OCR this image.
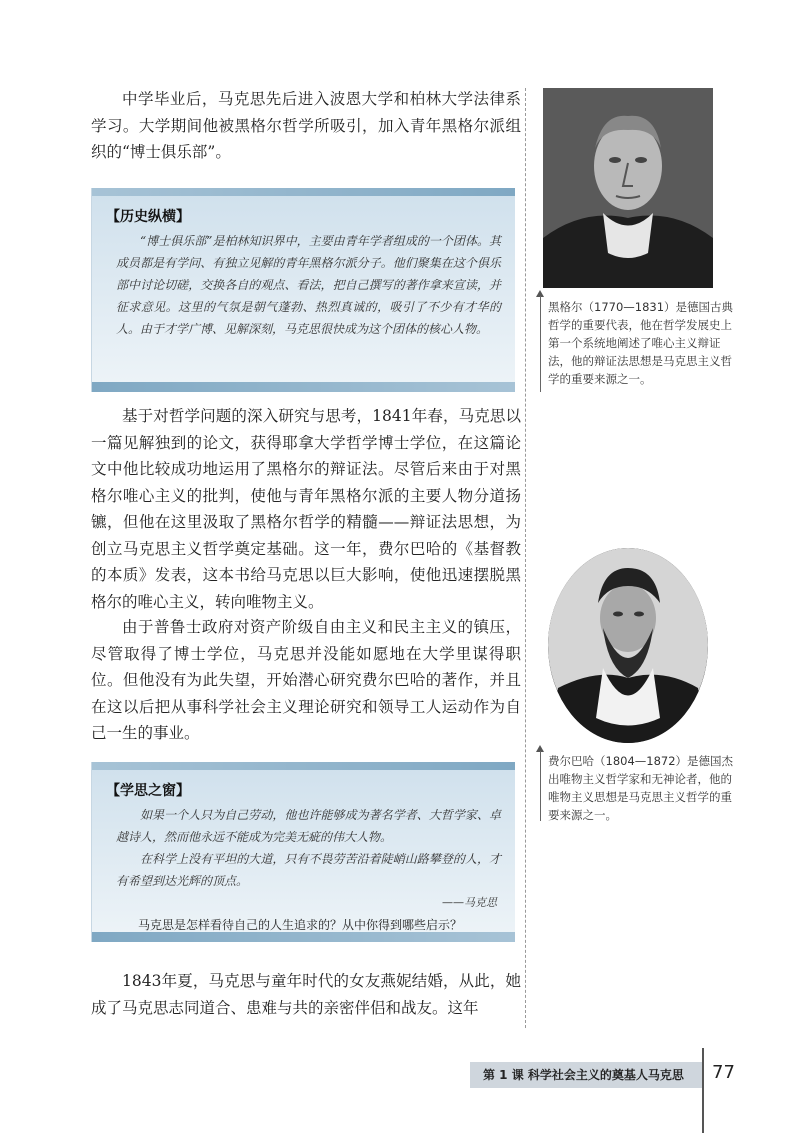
中学毕业后，马克思先后进入波恩大学和柏林大学法律系学习。大学期间他被黑格尔哲学所吸引，加入青年黑格尔派组织的“博士俱乐部”。
【历史纵横】

“博士俱乐部”是柏林知识界中，主要由青年学者组成的一个团体。其成员都是有学问、有独立见解的青年黑格尔派分子。他们聚集在这个俱乐部中讨论切磋，交换各自的观点、看法，把自己撰写的著作拿来宣读，并征求意见。这里的气氛是朝气蓬勃、热烈真诚的，吸引了不少有才华的人。由于才学广博、见解深刻，马克思很快成为这个团体的核心人物。

基于对哲学问题的深入研究与思考，1841年春，马克思以一篇见解独到的论文，获得耶拿大学哲学博士学位，在这篇论文中他比较成功地运用了黑格尔的辩证法。尽管后来由于对黑格尔唯心主义的批判，使他与青年黑格尔派的主要人物分道扬镳，但他在这里汲取了黑格尔哲学的精髓——辩证法思想，为创立马克思主义哲学奠定基础。这一年，费尔巴哈的《基督教的本质》发表，这本书给马克思以巨大影响，使他迅速摆脱黑格尔的唯心主义，转向唯物主义。
由于普鲁士政府对资产阶级自由主义和民主主义的镇压，尽管取得了博士学位，马克思并没能如愿地在大学里谋得职位。但他没有为此失望，开始潜心研究费尔巴哈的著作，并且在这以后把从事科学社会主义理论研究和领导工人运动作为自己一生的事业。
【学思之窗】

如果一个人只为自己劳动，他也许能够成为著名学者、大哲学家、卓越诗人，然而他永远不能成为完美无疵的伟大人物。

在科学上没有平坦的大道，只有不畏劳苦沿着陡峭山路攀登的人，才有希望到达光辉的顶点。

——马克思
马克思是怎样看待自己的人生追求的？从中你得到哪些启示？
1843年夏，马克思与童年时代的女友燕妮结婚，从此，她成了马克思志同道合、患难与共的亲密伴侣和战友。这年
黑格尔（1770—1831）是德国古典哲学的重要代表，他在哲学发展史上第一个系统地阐述了唯心主义辩证法，他的辩证法思想是马克思主义哲学的重要来源之一。
费尔巴哈（1804—1872）是德国杰出唯物主义哲学家和无神论者，他的唯物主义思想是马克思主义哲学的重要来源之一。
第 1 课 科学社会主义的奠基人马克思 77
